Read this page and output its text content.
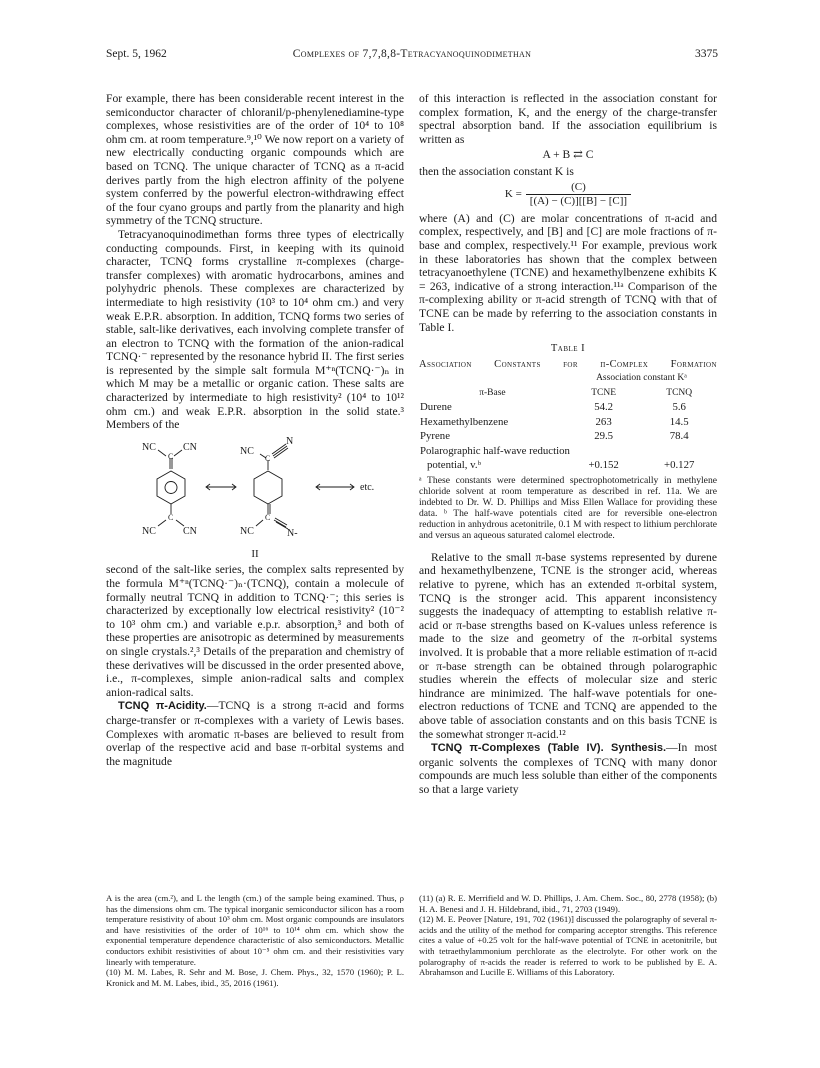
Sept. 5, 1962	Complexes of 7,7,8,8-Tetracyanoquinodimethan	3375

For example, there has been considerable recent interest in the semiconductor character of chloranil/p-phenylenediamine-type complexes, whose resistivities are of the order of 10⁴ to 10⁸ ohm cm. at room temperature.⁹,¹⁰ We now report on a variety of new electrically conducting organic compounds which are based on TCNQ. The unique character of TCNQ as a π-acid derives partly from the high electron affinity of the polyene system conferred by the powerful electron-withdrawing effect of the four cyano groups and partly from the planarity and high symmetry of the TCNQ structure.

Tetracyanoquinodimethan forms three types of electrically conducting compounds. First, in keeping with its quinoid character, TCNQ forms crystalline π-complexes (charge-transfer complexes) with aromatic hydrocarbons, amines and polyhydric phenols. These complexes are characterized by intermediate to high resistivity (10³ to 10⁴ ohm cm.) and very weak E.P.R. absorption. In addition, TCNQ forms two series of stable, salt-like derivatives, each involving complete transfer of an electron to TCNQ with the formation of the anion-radical TCNQ·⁻ represented by the resonance hybrid II. The first series is represented by the simple salt formula M⁺ⁿ(TCNQ·⁻)ₙ in which M may be a metallic or organic cation. These salts are characterized by intermediate to high resistivity² (10⁴ to 10¹² ohm cm.) and weak E.P.R. absorption in the solid state.³ Members of the

NC	CN
C
C
NC	CN
NC
N
C
C
NC	N-
etc.
II

second of the salt-like series, the complex salts represented by the formula M⁺ⁿ(TCNQ·⁻)ₙ·(TCNQ), contain a molecule of formally neutral TCNQ in addition to TCNQ·⁻; this series is characterized by exceptionally low electrical resistivity² (10⁻² to 10³ ohm cm.) and variable e.p.r. absorption,³ and both of these properties are anisotropic as determined by measurements on single crystals.²,³ Details of the preparation and chemistry of these derivatives will be discussed in the order presented above, i.e., π-complexes, simple anion-radical salts and complex anion-radical salts.

TCNQ π-Acidity.—TCNQ is a strong π-acid and forms charge-transfer or π-complexes with a variety of Lewis bases. Complexes with aromatic π-bases are believed to result from overlap of the respective acid and base π-orbital systems and the magnitude

of this interaction is reflected in the association constant for complex formation, K, and the energy of the charge-transfer spectral absorption band. If the association equilibrium is written as

A + B ⇄ C

then the association constant K is

$K = \frac{(C)}{[(A) - (C)][[B] - [C]]}$

where (A) and (C) are molar concentrations of π-acid and complex, respectively, and [B] and [C] are mole fractions of π-base and complex, respectively.¹¹ For example, previous work in these laboratories has shown that the complex between tetracyanoethylene (TCNE) and hexamethylbenzene exhibits K = 263, indicative of a strong interaction.¹¹ᵃ Comparison of the π-complexing ability or π-acid strength of TCNQ with that of TCNE can be made by referring to the association constants in Table I.

Table I
Association Constants for π-Complex Formation
	Association constant Kᵃ	
π-Base	TCNE	TCNQ
Durene	54.2	5.6
Hexamethylbenzene	263	14.5
Pyrene	29.5	78.4
Polarographic half-wave reduction		
potential, v.ᵇ	+0.152	+0.127
ᵃ These constants were determined spectrophotometrically in methylene chloride solvent at room temperature as described in ref. 11a. We are indebted to Dr. W. D. Phillips and Miss Ellen Wallace for providing these data. ᵇ The half-wave potentials cited are for reversible one-electron reduction in anhydrous acetonitrile, 0.1 M with respect to lithium perchlorate and versus an aqueous saturated calomel electrode.

Relative to the small π-base systems represented by durene and hexamethylbenzene, TCNE is the stronger acid, whereas relative to pyrene, which has an extended π-orbital system, TCNQ is the stronger acid. This apparent inconsistency suggests the inadequacy of attempting to establish relative π-acid or π-base strengths based on K-values unless reference is made to the size and geometry of the π-orbital systems involved. It is probable that a more reliable estimation of π-acid or π-base strength can be obtained through polarographic studies wherein the effects of molecular size and steric hindrance are minimized. The half-wave potentials for one-electron reductions of TCNE and TCNQ are appended to the above table of association constants and on this basis TCNE is the somewhat stronger π-acid.¹²

TCNQ π-Complexes (Table IV). Synthesis.—In most organic solvents the complexes of TCNQ with many donor compounds are much less soluble than either of the components so that a large variety

A is the area (cm.²), and L the length (cm.) of the sample being examined. Thus, ρ has the dimensions ohm cm. The typical inorganic semiconductor silicon has a room temperature resistivity of about 10³ ohm cm. Most organic compounds are insulators and have resistivities of the order of 10¹⁶ to 10¹⁴ ohm cm. which show the exponential temperature dependence characteristic of also semiconductors. Metallic conductors exhibit resistivities of about 10⁻⁵ ohm cm. and their resistivities vary linearly with temperature.

(10) M. M. Labes, R. Sehr and M. Bose, J. Chem. Phys., 32, 1570 (1960); P. L. Kronick and M. M. Labes, ibid., 35, 2016 (1961).

(11) (a) R. E. Merrifield and W. D. Phillips, J. Am. Chem. Soc., 80, 2778 (1958); (b) H. A. Benesi and J. H. Hildebrand, ibid., 71, 2703 (1949).

(12) M. E. Peover [Nature, 191, 702 (1961)] discussed the polarography of several π-acids and the utility of the method for comparing acceptor strengths. This reference cites a value of +0.25 volt for the half-wave potential of TCNE in acetonitrile, but with tetraethylammonium perchlorate as the electrolyte. For other work on the polarography of π-acids the reader is referred to work to be published by E. A. Abrahamson and Lucille E. Williams of this Laboratory.
